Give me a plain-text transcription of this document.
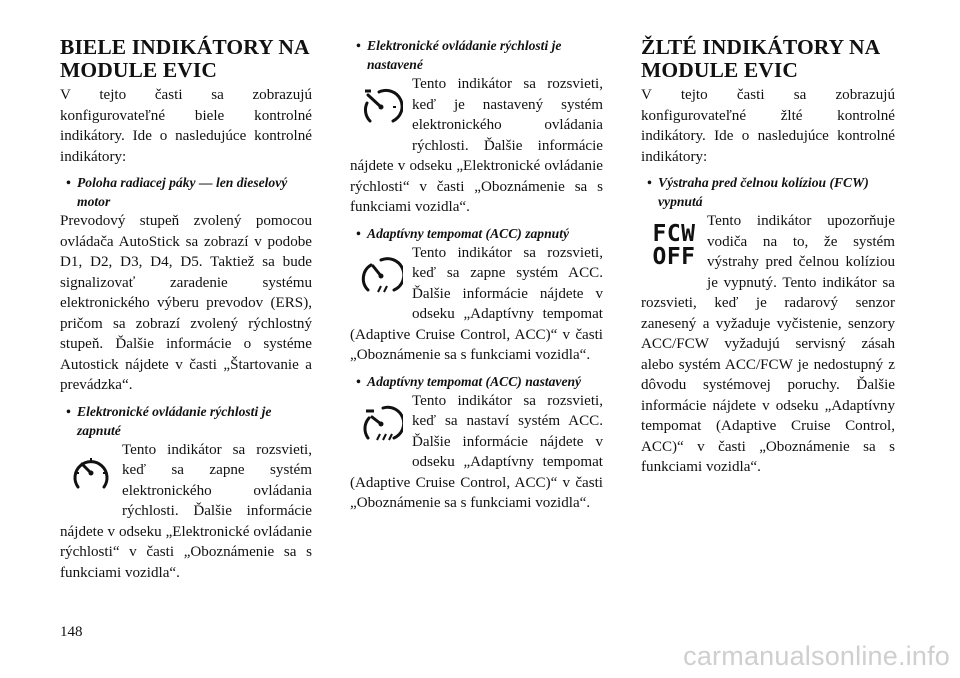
BIELE INDIKÁTORY NA MODULE EVIC

V tejto časti sa zobrazujú konfigurovateľné biele kontrolné indikátory. Ide o nasledujúce kontrolné indikátory:

• Poloha radiacej páky — len dieselový motor

Prevodový stupeň zvolený pomocou ovládača AutoStick sa zobrazí v podobe D1, D2, D3, D4, D5. Taktiež sa bude signalizovať zaradenie systému elektronického výberu prevodov (ERS), pričom sa zobrazí zvolený rýchlostný stupeň. Ďalšie informácie o systéme Autostick nájdete v časti „Štartovanie a prevádzka“.

• Elektronické ovládanie rýchlosti je zapnuté

Tento indikátor sa rozsvieti, keď sa zapne systém elektronického ovládania rýchlosti. Ďalšie informácie nájdete v odseku „Elektronické ovládanie rýchlosti“ v časti „Oboznámenie sa s funkciami vozidla“.

• Elektronické ovládanie rýchlosti je nastavené

Tento indikátor sa rozsvieti, keď je nastavený systém elektronického ovládania rýchlosti. Ďalšie informácie nájdete v odseku „Elektronické ovládanie rýchlosti“ v časti „Oboznámenie sa s funkciami vozidla“.

• Adaptívny tempomat (ACC) zapnutý

Tento indikátor sa rozsvieti, keď sa zapne systém ACC. Ďalšie informácie nájdete v odseku „Adaptívny tempomat (Adaptive Cruise Control, ACC)“ v časti „Oboznámenie sa s funkciami vozidla“.

• Adaptívny tempomat (ACC) nastavený

Tento indikátor sa rozsvieti, keď sa nastaví systém ACC. Ďalšie informácie nájdete v odseku „Adaptívny tempomat (Adaptive Cruise Control, ACC)“ v časti „Oboznámenie sa s funkciami vozidla“.

ŽLTÉ INDIKÁTORY NA MODULE EVIC

V tejto časti sa zobrazujú konfigurovateľné žlté kontrolné indikátory. Ide o nasledujúce kontrolné indikátory:

• Výstraha pred čelnou kolíziou (FCW) vypnutá
FCW
OFF

Tento indikátor upozorňuje vodiča na to, že systém výstrahy pred čelnou kolíziou je vypnutý. Tento indikátor sa rozsvieti, keď je radarový senzor zanesený a vyžaduje vyčistenie, senzory ACC/FCW vyžadujú servisný zásah alebo systém ACC/FCW je nedostupný z dôvodu systémovej poruchy. Ďalšie informácie nájdete v odseku „Adaptívny tempomat (Adaptive Cruise Control, ACC)“ v časti „Oboznámenie sa s funkciami vozidla“.

148
carmanualsonline.info
